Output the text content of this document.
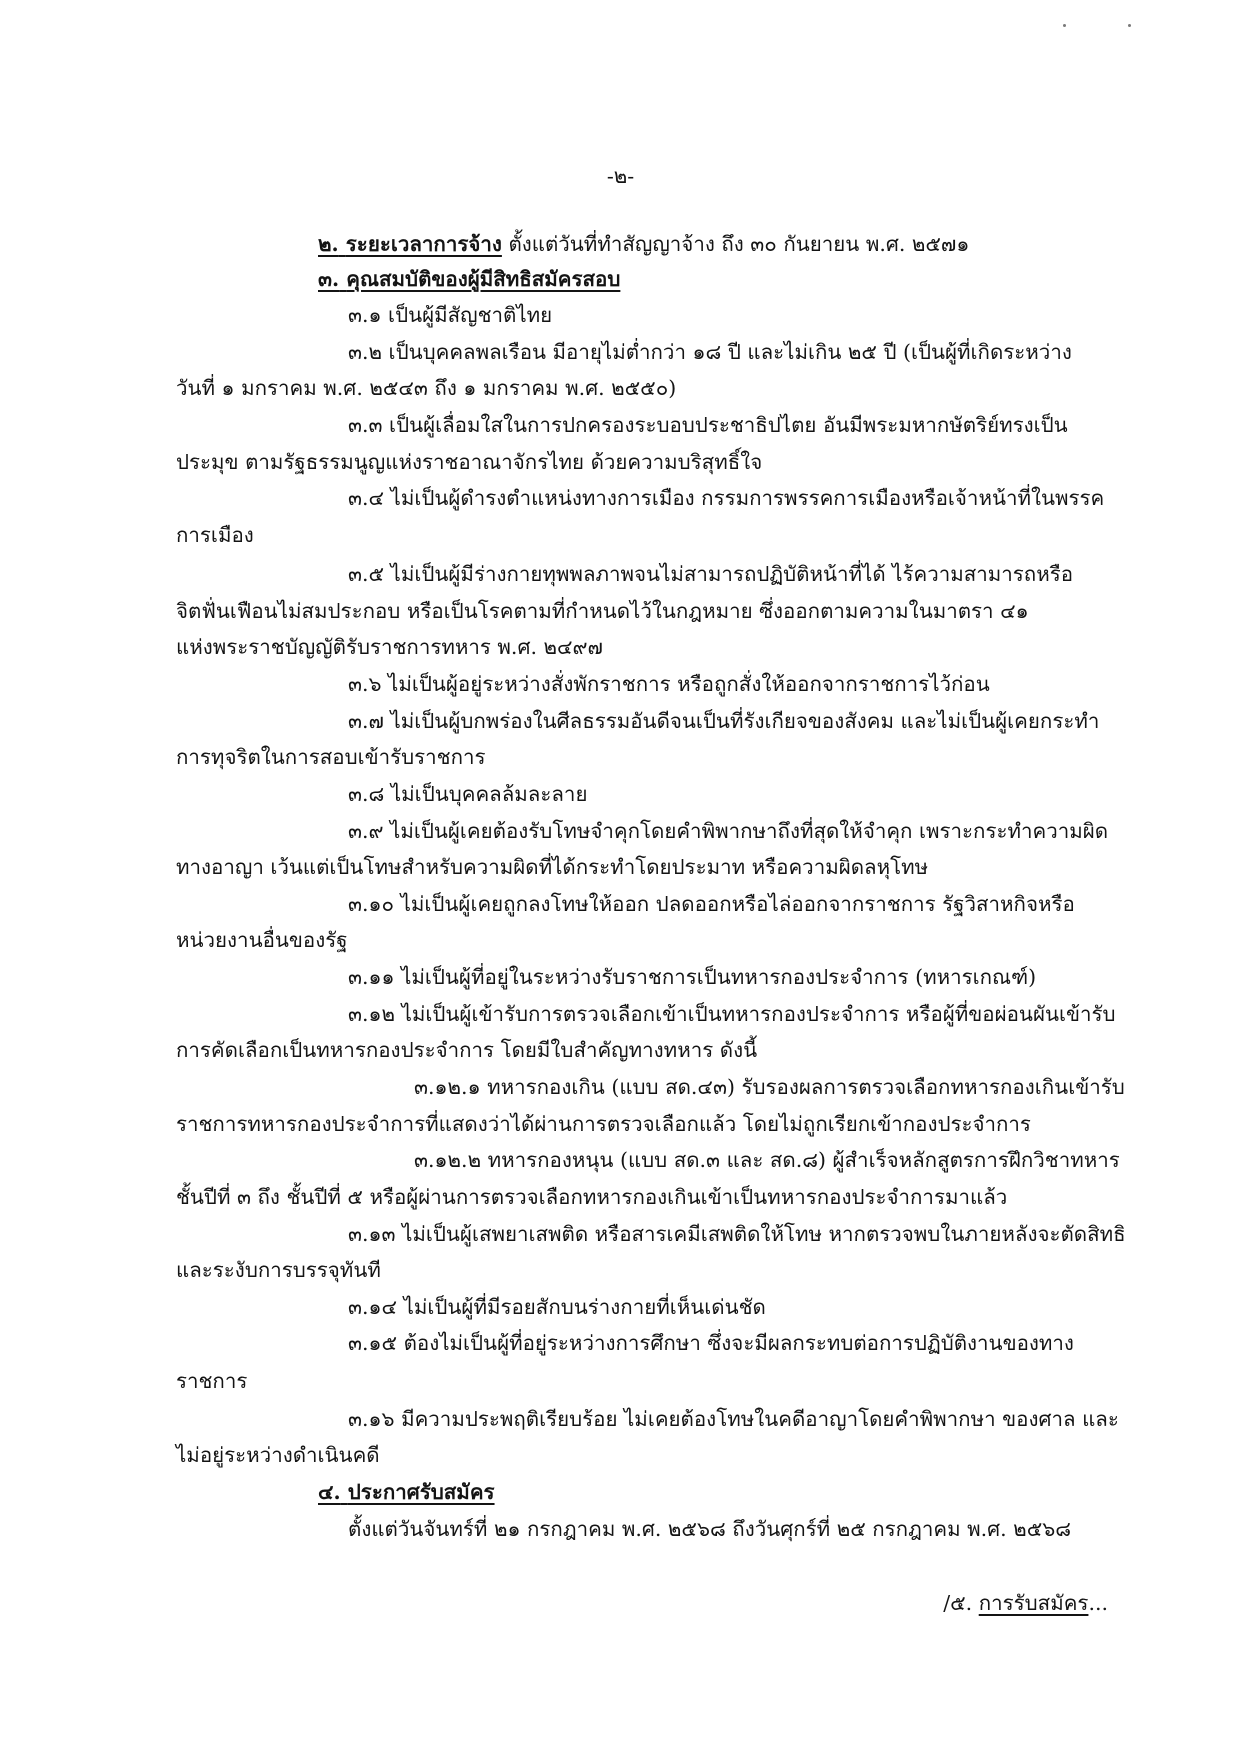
-๒-
๒. ระยะเวลาการจ้าง ตั้งแต่วันที่ทำสัญญาจ้าง ถึง ๓๐ กันยายน พ.ศ. ๒๕๗๑
๓. คุณสมบัติของผู้มีสิทธิสมัครสอบ
๓.๑ เป็นผู้มีสัญชาติไทย
๓.๒ เป็นบุคคลพลเรือน มีอายุไม่ต่ำกว่า ๑๘ ปี และไม่เกิน ๒๕ ปี (เป็นผู้ที่เกิดระหว่าง
วันที่ ๑ มกราคม พ.ศ. ๒๕๔๓ ถึง ๑ มกราคม พ.ศ. ๒๕๕๐)
๓.๓ เป็นผู้เลื่อมใสในการปกครองระบอบประชาธิปไตย อันมีพระมหากษัตริย์ทรงเป็น
ประมุข ตามรัฐธรรมนูญแห่งราชอาณาจักรไทย ด้วยความบริสุทธิ์ใจ
๓.๔ ไม่เป็นผู้ดำรงตำแหน่งทางการเมือง กรรมการพรรคการเมืองหรือเจ้าหน้าที่ในพรรค
การเมือง
๓.๕ ไม่เป็นผู้มีร่างกายทุพพลภาพจนไม่สามารถปฏิบัติหน้าที่ได้ ไร้ความสามารถหรือ
จิตฟั่นเฟือนไม่สมประกอบ หรือเป็นโรคตามที่กำหนดไว้ในกฎหมาย ซึ่งออกตามความในมาตรา ๔๑
แห่งพระราชบัญญัติรับราชการทหาร พ.ศ. ๒๔๙๗
๓.๖ ไม่เป็นผู้อยู่ระหว่างสั่งพักราชการ หรือถูกสั่งให้ออกจากราชการไว้ก่อน
๓.๗ ไม่เป็นผู้บกพร่องในศีลธรรมอันดีจนเป็นที่รังเกียจของสังคม และไม่เป็นผู้เคยกระทำ
การทุจริตในการสอบเข้ารับราชการ
๓.๘ ไม่เป็นบุคคลล้มละลาย
๓.๙ ไม่เป็นผู้เคยต้องรับโทษจำคุกโดยคำพิพากษาถึงที่สุดให้จำคุก เพราะกระทำความผิด
ทางอาญา เว้นแต่เป็นโทษสำหรับความผิดที่ได้กระทำโดยประมาท หรือความผิดลหุโทษ
๓.๑๐ ไม่เป็นผู้เคยถูกลงโทษให้ออก ปลดออกหรือไล่ออกจากราชการ รัฐวิสาหกิจหรือ
หน่วยงานอื่นของรัฐ
๓.๑๑ ไม่เป็นผู้ที่อยู่ในระหว่างรับราชการเป็นทหารกองประจำการ (ทหารเกณฑ์)
๓.๑๒ ไม่เป็นผู้เข้ารับการตรวจเลือกเข้าเป็นทหารกองประจำการ หรือผู้ที่ขอผ่อนผันเข้ารับ
การคัดเลือกเป็นทหารกองประจำการ โดยมีใบสำคัญทางทหาร ดังนี้
๓.๑๒.๑ ทหารกองเกิน (แบบ สด.๔๓) รับรองผลการตรวจเลือกทหารกองเกินเข้ารับ
ราชการทหารกองประจำการที่แสดงว่าได้ผ่านการตรวจเลือกแล้ว โดยไม่ถูกเรียกเข้ากองประจำการ
๓.๑๒.๒ ทหารกองหนุน (แบบ สด.๓ และ สด.๘) ผู้สำเร็จหลักสูตรการฝึกวิชาทหาร
ชั้นปีที่ ๓ ถึง ชั้นปีที่ ๕ หรือผู้ผ่านการตรวจเลือกทหารกองเกินเข้าเป็นทหารกองประจำการมาแล้ว
๓.๑๓ ไม่เป็นผู้เสพยาเสพติด หรือสารเคมีเสพติดให้โทษ หากตรวจพบในภายหลังจะตัดสิทธิ
และระงับการบรรจุทันที
๓.๑๔ ไม่เป็นผู้ที่มีรอยสักบนร่างกายที่เห็นเด่นชัด
๓.๑๕ ต้องไม่เป็นผู้ที่อยู่ระหว่างการศึกษา ซึ่งจะมีผลกระทบต่อการปฏิบัติงานของทาง
ราชการ
๓.๑๖ มีความประพฤติเรียบร้อย ไม่เคยต้องโทษในคดีอาญาโดยคำพิพากษา ของศาล และ
ไม่อยู่ระหว่างดำเนินคดี
๔. ประกาศรับสมัคร
ตั้งแต่วันจันทร์ที่ ๒๑ กรกฎาคม พ.ศ. ๒๕๖๘ ถึงวันศุกร์ที่ ๒๕ กรกฎาคม พ.ศ. ๒๕๖๘
/๕. การรับสมัคร...
